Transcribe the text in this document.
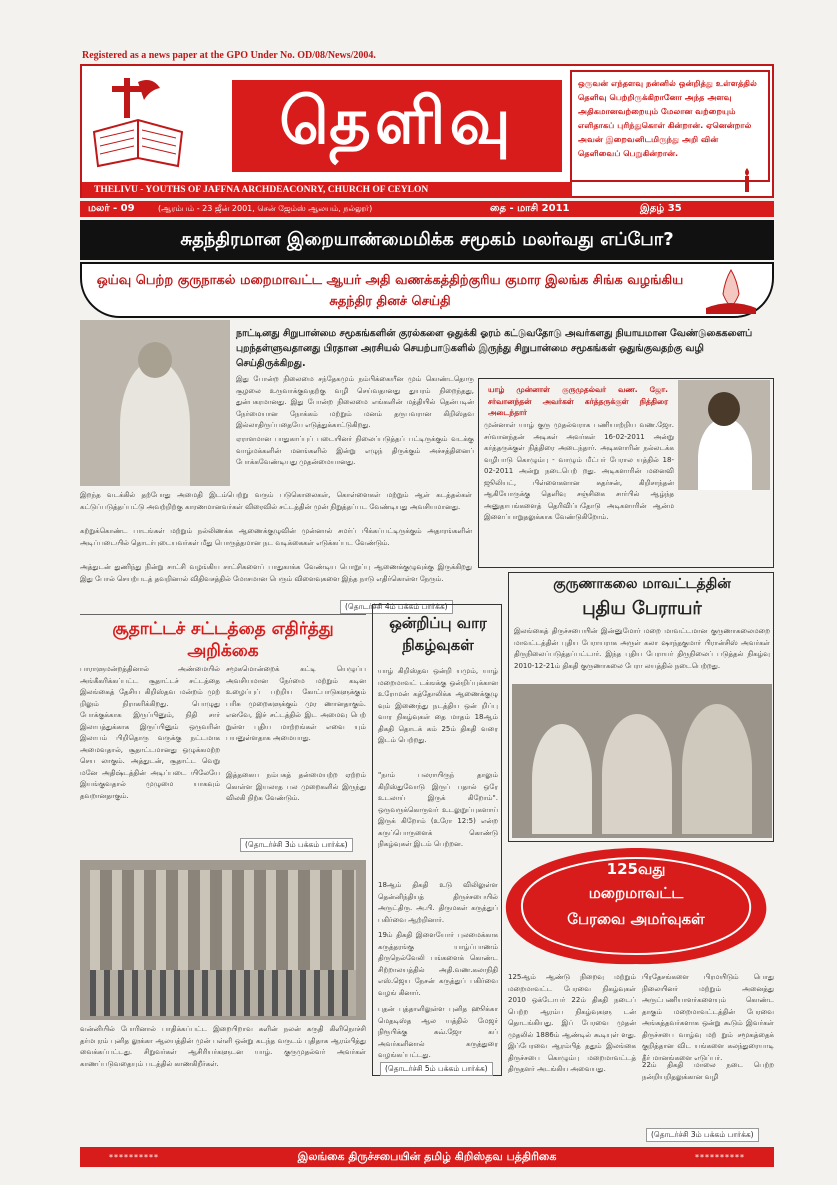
Registered as a news paper at the GPO Under No. OD/08/News/2004.
தெளிவு
ஒருவன் எந்தளவு நன்னில் ஒன்றித்து உள்ளத்தில் தெளிவு பெற்றிருக்கிறானோ அந்த அளவு அதிகமானவற்றையும் மேலான வற்றையும் எளிதாகப் புரிந்துகொள் கின்றான். ஏனென்றால் அவன் இறைவனிடமிருந்து அறி வின் தெளிவைப் பெறுகின்றான்.
THELIVU - YOUTHS OF JAFFNA ARCHDEACONRY, CHURCH OF CEYLON
மலர் - 09	(ஆரம்பம் - 23 ஜீன் 2001, சென் ஜேம்ஸ் ஆலயம், நல்லூர்)	தை - மாசி 2011	இதழ் 35
சுதந்திரமான இறையாண்மைமிக்க சமூகம் மலர்வது எப்போ?
ஒய்வு பெற்ற குருநாகல் மறைமாவட்ட ஆயர் அதி வணக்கத்திற்குரிய குமார இலங்க சிங்க வழங்கிய சுதந்திர தினச் செய்தி
நாட்டினது சிறுபான்மை சமூகங்களின் குரல்களை ஒதுக்கி ஓரம் கட்டுவதோடு அவர்களது நியாயமான வேண்டுகைகளைப் புறந்தள்ளுவதானது பிரதான அரசியல் செயற்பாடுகளில் இருந்து சிறுபான்மை சமூகங்கள் ஒதுங்குவதற்கு வழி செய்திருக்கிறது.
இது போன்ற நிலைமை சந்தேகமும் நம்பிக்கையீன மும் கொண்டதொரு சூழலை உருவாக்குவதற்கு வழி செய்வதானது துயரம் நிறைந்தது, துன்பகரமானது. இது போன்ற நிலைமை எங்களின் மத்தியில் தென்படின் நேர்மையான நோக்கம் மற்றும் மனம் தருபவரான கிறிஸ்தவ இல்லாதிருப்பதையே எடுத்துக்காட்டுகிறது.
ஏராளமான பாதுகாப்புப் படையினர் நிலைப்படுத்தப் பட்டிருக்கும் வடக்கு வாழ்மக்களின் மனங்களில் இன்று எழுந் திருக்கும் அச்சத்தினைப் போக்கவேண்டியது முதன்மையானது.
இறந்த வடக்கில் தற்போது அமைதி இடம்பெற்று வரும் படுகொலைகள், கொள்ளைகள் மற்றும் ஆள் கடத்தல்கள் கட்டுப்படுத்தப்பட்டு அவற்றிற்கு காரணமானவர்கள் விரைவில் சட்டத்தின் முன் நிறுத்தப்பட வேண்டியது அவசியமானது.
கற்றுக்கொண்ட பாடங்கள் மற்றும் நல்லிணக்க ஆணைக்குழுவின் முன்னால் சமர்ப் பிக்கப்பட்டிருக்கும் அதாரங்களின் அடிப்படையில் தொடர்புடையவர்கள் மீது பொருத்தமான நட வடிக்கைகள் எடுக்கப்பட வேண்டும்.
அத்துடன் துணிந்து நின்று சாட்சி வழங்கிய சாட்சிகளைப் பாதுகாக்க வேண்டிய பொறுப்பு ஆணைக்குழுவுக்கு இருக்கிறது இது போல் செயற்படத் தவறினால் விதிவசத்தில் மோசமான பெரும் விளைவுகளை இந்த நாடு எதிர்கொள்ள நேரும்.
(தொடர்ச்சி 4ம் பக்கம் பார்க்க)
யாழ் முன்னாள் குருமுதல்வர் வண. ஜோ. சர்வானந்தன் அவர்கள் கர்த்தருக்குள் நித்திரை அடைந்தார்
முன்னாள் யாழ் குரு முதல்வராக பணியாற்றிய வண.ஜோ. சர்வானந்தன் அடிகள் அவர்கள் 16-02-2011 அன்று கர்த்தருக்குள் நித்திரை அடைந்தார். அடிகளாரின் நல்லடக்க வழிபாடு கொழும்பு - வாழும் மீட்பர் பேரால யத்தில் 18-02-2011 அன்று நடைபெற் றது. அடிகளாரின் மனைவி ஜூலியட், பிள்ளைகளான சுதர்சன், கிறிசாந்தன் ஆகியோருக்கு தெளிவு சஞ்சிகை சார்பில் ஆழ்ந்த அனுதாபங்களைத் தெரிவிப்பதோடு அடிகளாரின் ஆன்ம இளைப்பாறுதலுக்காக வேண்டுகிறோம்.
குருணாகலை மாவட்டத்தின்
புதிய பேராயர்
இலங்கைத் திருச்சபையின் இன்னுமோர் மறை மாவட்டமான குருணாகலைமறை மாவட்டத்தின் புதிய பேராயராக அருள் கலா ஷாந்தகுமார் பிரான்சிஸ் அவர்கள் திருநிலைப்படுத்தப்பட்டார். இந்த புதிய பேராயர் திருநிலைப் படுத்தல் நிகழ்வு 2010-12-21ம் திகதி குருணாகலை பேரா லயத்தில் நடைபெற்றது.
சூதாட்டச் சட்டத்தை எதிர்த்து அறிக்கை
பாராளுமன்றத்தினால் அண்மையில் அங்கீகரிக்கப்பட்ட சூதாட்டச் சட்டத்தை இலங்கைத் தேசிய கிறிஸ்தவ மன்றம் முற் றிலும் நிராகரிக்கிறது. பொழுது போக்குக்காக இருப்பினும், நிதி சார் இலாபத்துக்காக இருப்பினும் ஒருவரின் இலாபம் பிறிதொரு வருக்கு நட்டமாக அமைவதால், சூதாட்டமானது ஒழுக்கமற்ற செய லாகும். அத்துடன், சூதாட்ட வெறு மனே அதிஷ்டத்தின் அடிப்படை யிலேயே இயங்குவதால் முழுமை யாகவும் தவறானதாகும்.
சமூகமொன்றைக் கட்டி யெழுப்ப அவசியமான நேர்மை மற்றும் கடின உழைப்புப் பற்றிய கோட்பாடுகளுக்கும் பரிசு முறைகளுக்கும் முர ணானதாகும். எனவே, இச் சட்டத்தில் இட அமைவு பெற் றுள்ள புதிய மாற்றங்கள் எவை யும் பயனுள்ளதாக அமையாது.
இத்தகைய நம்பகத் தன்மையற்ற ஏற்றம் கொள்ள இயலாத பல முறைகளில் இருந்து விலகி நிற்க வேண்டும்.
(தொடர்ச்சி 3ம் பக்கம் பார்க்க)
ஒன்றிப்பு வார நிகழ்வுகள்
யாழ் கிறிஸ்தவ ஒன்றி யமும், யாழ் மறைமாவட் டக்ஙக்கு ஒன்றிப்புக்கான உரோமன் கத்தோலிக்க ஆணைக்குழு வும் இணைந்து நடத்திய ஒன் றிப்பு வார நிகழ்வுகள் தை மாதம் 18ஆம் திகதி தொடக் கம் 25ம் திகதி வரை இடம் பெற்றது.
"நாம் பலராயிருந் தாலும் கிறிஸ்துவோடு இருப் பதால் ஒரே உடலாய் இருக் கிறோம்". ஒருவருக்கொருவர் உடலுறுப்புகளாய் இருக் கிறோம் (உரோ 12:5) என்ற கருப்பொருளைக் கொண்டு நிகழ்வுகள் இடம் பெற்றன.
18ஆம் திகதி உடு விலிலுள்ள தென்னிந்தியத் திருச்சபையில் அருட்திரு. அ.பி. திருமகள் கருத்துப் பகிர்வை ஆற்றினார்.
19ம் திகதி இளையோர் புலமைக்காக கருத்தரங்கு யாழ்ப்பாணம் திருநெல்வேலி பங்களைக் கொண்ட சிற்றாலயத்தில் அதி.வண.கலாநிதி எஸ்.ஜெய நேசன் கருத்துப் பகிர்வை வழங் கினார்.
புதன் புத்தாளிலுள்ள புனித ஹூக்கா மெதடிஸ்த ஆல யத்தில் மேஜர் நிரூபிக்கு கவ்.ஜோ கப் அவர்களினால் கருத்துரை வழங்கப்பட்டது.
(தொடர்ச்சி 5ம் பக்கம் பார்க்க)
வன்னியில் போரினால் பாதிக்கப்பட்ட இறைபிறாவ களின் நலன் கருதி கிளிநொச்சி தர்மபுரம் புனித லூக்கா ஆலயத்தின் முன் பள்ளி ஒன்று கடந்த வருடம் புதிதாக ஆரம்பித்து வைக்கப்பட்டது. சிறுவர்கள் ஆசிரியர்களுடன யாழ். குருமுதல்வர் அவர்கள் காணப்படுவதையும் படத்தில் காணகிறீர்கள்.
125வது
மறைமாவட்ட
பேரவை அமர்வுகள்
125ஆம் ஆண்டு நிறைவு மற்றும் மறைமாவட்ட பேரவை நிகழ்வுகள் 2010 ஒக்டோபர் 22ம் திகதி நடைப் பெற்ற ஆரம்ப நிகழ்வுகளு டன் தொடங்கியது. இப் பேரவை முதன் முதலில் 1886ம் ஆண்டில் கூடியுள் ளது. இப்பேரவை ஆரம்பித் ததும் இலங்கை திருச்சபை கொழும்பு மறைமாவட்டத் திருதளர் அடங்கிய அவையது.
பிரதேசங்களை பிரமயிடும் பொது நிலையினர் மற்றும் அனைத்து அருட்பணியாளர்களையும் கொண்ட தாகும் மறைமாவட்டத்தின் பேரவை அங்கத்தவர்களாக ஒன்று கூடும் இவர்கள் திருச்சபை வாழ்வு மற் றும் சமூகத்தைக் குறித்தான விட யங்களை கலந்துரையாடி தீர் மானங்களை எடுப்பர்.
22ம் திகதி மாலை நடை பெற்ற நன்றியறிதலுக்கான வழி
(தொடர்ச்சி 3ம் பக்கம் பார்க்க)
**********	இலங்கை திருச்சபையின் தமிழ் கிறிஸ்தவ பத்திரிகை	**********
